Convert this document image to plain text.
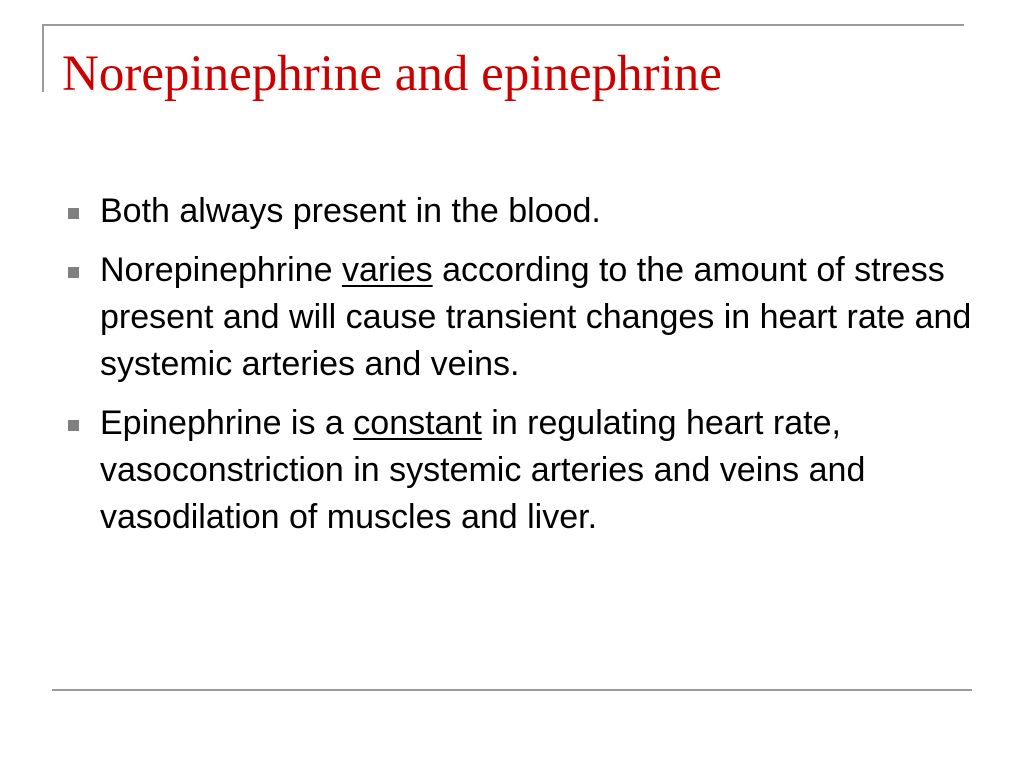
Norepinephrine and epinephrine
Both always present in the blood.
Norepinephrine varies according to the amount of stress present and will cause transient changes in heart rate and systemic arteries and veins.
Epinephrine is a constant in regulating heart rate, vasoconstriction in systemic arteries and veins and vasodilation of muscles and liver.
